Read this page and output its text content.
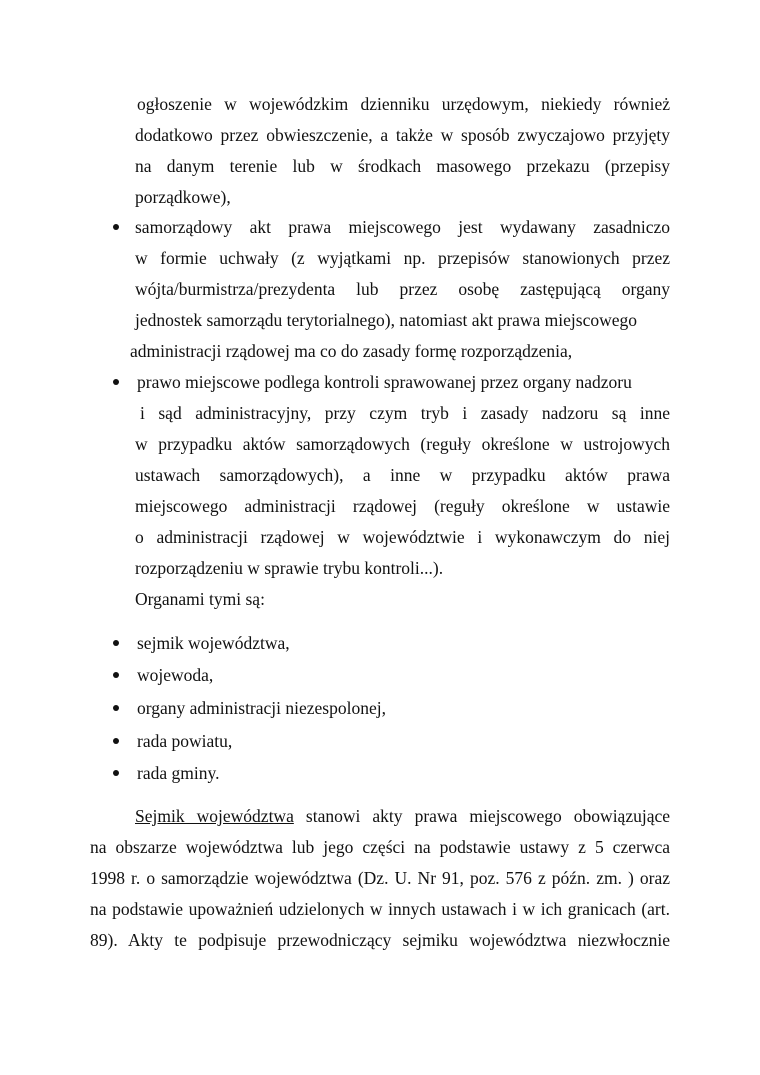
ogłoszenie w wojewódzkim dzienniku urzędowym, niekiedy również
dodatkowo przez obwieszczenie, a także w sposób zwyczajowo przyjęty
na danym terenie lub w środkach masowego przekazu (przepisy
porządkowe),
samorządowy akt prawa miejscowego jest wydawany zasadniczo
w formie uchwały (z wyjątkami np. przepisów stanowionych przez
wójta/burmistrza/prezydenta lub przez osobę zastępującą organy
jednostek samorządu terytorialnego), natomiast akt prawa miejscowego
administracji rządowej ma co do zasady formę rozporządzenia,
prawo miejscowe podlega kontroli sprawowanej przez organy nadzoru
i sąd administracyjny, przy czym tryb i zasady nadzoru są inne
w przypadku aktów samorządowych (reguły określone w ustrojowych
ustawach samorządowych), a inne w przypadku aktów prawa
miejscowego administracji rządowej (reguły określone w ustawie
o administracji rządowej w województwie i wykonawczym do niej
rozporządzeniu w sprawie trybu kontroli...).
Organami tymi są:
sejmik województwa,
wojewoda,
organy administracji niezespolonej,
rada powiatu,
rada gminy.
Sejmik województwa stanowi akty prawa miejscowego obowiązujące
na obszarze województwa lub jego części na podstawie ustawy z 5 czerwca
1998 r. o samorządzie województwa (Dz. U. Nr 91, poz. 576 z późn. zm. ) oraz
na podstawie upoważnień udzielonych w innych ustawach i w ich granicach (art.
89). Akty te podpisuje przewodniczący sejmiku województwa niezwłocznie
